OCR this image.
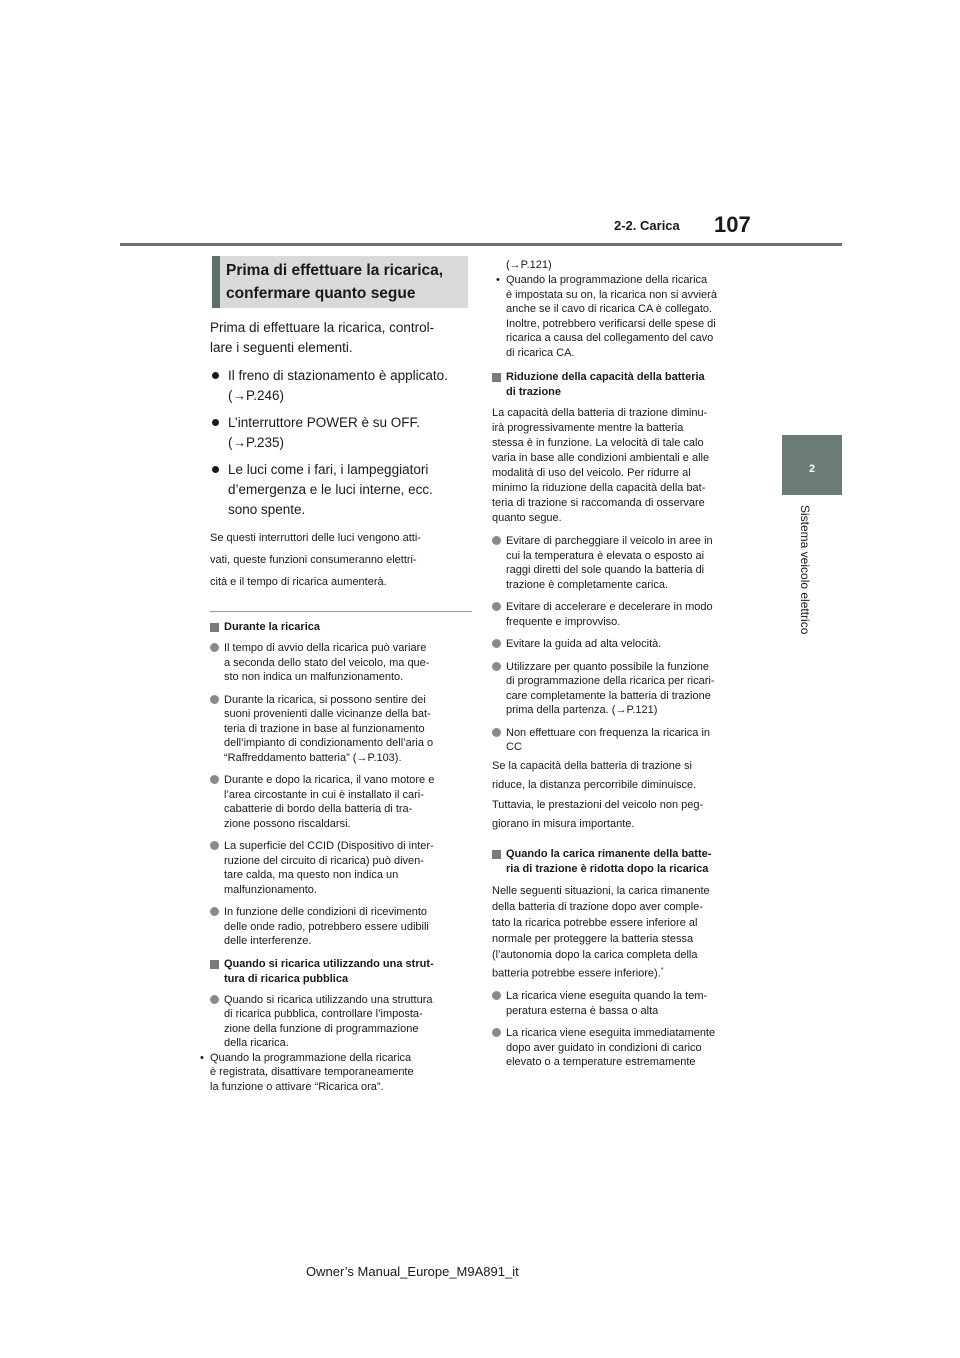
2-2. Carica 107
2
Sistema veicolo elettrico
Prima di effettuare la ricarica,
confermare quanto segue

Prima di effettuare la ricarica, control-
lare i seguenti elementi.

Il freno di stazionamento è applicato.
(→P.246)
L’interruttore POWER è su OFF.
(→P.235)
Le luci come i fari, i lampeggiatori
d’emergenza e le luci interne, ecc.
sono spente.

Se questi interruttori delle luci vengono atti-
vati, queste funzioni consumeranno elettri-
cità e il tempo di ricarica aumenterà.

Durante la ricarica
Il tempo di avvio della ricarica può variare
a seconda dello stato del veicolo, ma que-
sto non indica un malfunzionamento.
Durante la ricarica, si possono sentire dei
suoni provenienti dalle vicinanze della bat-
teria di trazione in base al funzionamento
dell’impianto di condizionamento dell’aria o
“Raffreddamento batteria” (→P.103).
Durante e dopo la ricarica, il vano motore e
l’area circostante in cui è installato il cari-
cabatterie di bordo della batteria di tra-
zione possono riscaldarsi.
La superficie del CCID (Dispositivo di inter-
ruzione del circuito di ricarica) può diven-
tare calda, ma questo non indica un
malfunzionamento.
In funzione delle condizioni di ricevimento
delle onde radio, potrebbero essere udibili
delle interferenze.
Quando si ricarica utilizzando una strut-
tura di ricarica pubblica
Quando si ricarica utilizzando una struttura
di ricarica pubblica, controllare l’imposta-
zione della funzione di programmazione
della ricarica.
• Quando la programmazione della ricarica
è registrata, disattivare temporaneamente
la funzione o attivare “Ricarica ora”.
(→P.121)
• Quando la programmazione della ricarica
è impostata su on, la ricarica non si avvierà
anche se il cavo di ricarica CA è collegato.
Inoltre, potrebbero verificarsi delle spese di
ricarica a causa del collegamento del cavo
di ricarica CA.
Riduzione della capacità della batteria
di trazione

La capacità della batteria di trazione diminu-
irà progressivamente mentre la batteria
stessa è in funzione. La velocità di tale calo
varia in base alle condizioni ambientali e alle
modalità di uso del veicolo. Per ridurre al
minimo la riduzione della capacità della bat-
teria di trazione si raccomanda di osservare
quanto segue.

Evitare di parcheggiare il veicolo in aree in
cui la temperatura è elevata o esposto ai
raggi diretti del sole quando la batteria di
trazione è completamente carica.
Evitare di accelerare e decelerare in modo
frequente e improvviso.
Evitare la guida ad alta velocità.
Utilizzare per quanto possibile la funzione
di programmazione della ricarica per ricari-
care completamente la batteria di trazione
prima della partenza. (→P.121)
Non effettuare con frequenza la ricarica in
CC

Se la capacità della batteria di trazione si
riduce, la distanza percorribile diminuisce.
Tuttavia, le prestazioni del veicolo non peg-
giorano in misura importante.

Quando la carica rimanente della batte-
ria di trazione è ridotta dopo la ricarica

Nelle seguenti situazioni, la carica rimanente
della batteria di trazione dopo aver comple-
tato la ricarica potrebbe essere inferiore al
normale per proteggere la batteria stessa
(l’autonomia dopo la carica completa della
batteria potrebbe essere inferiore).*

La ricarica viene eseguita quando la tem-
peratura esterna è bassa o alta
La ricarica viene eseguita immediatamente
dopo aver guidato in condizioni di carico
elevato o a temperature estremamente
Owner’s Manual_Europe_M9A891_it
